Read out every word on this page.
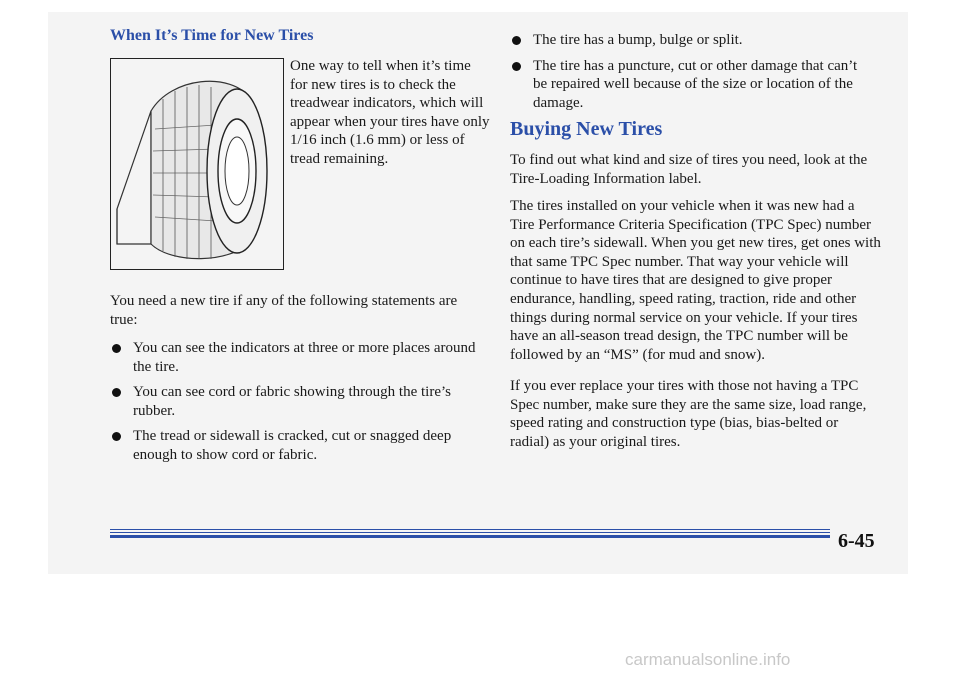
When It’s Time for New Tires

One way to tell when it’s time for new tires is to check the treadwear indicators, which will appear when your tires have only 1/16 inch (1.6 mm) or less of tread remaining.

You need a new tire if any of the following statements are true:

You can see the indicators at three or more places around the tire.
You can see cord or fabric showing through the tire’s rubber.
The tread or sidewall is cracked, cut or snagged deep enough to show cord or fabric.
The tire has a bump, bulge or split.
The tire has a puncture, cut or other damage that can’t be repaired well because of the size or location of the damage.
Buying New Tires

To find out what kind and size of tires you need, look at the Tire-Loading Information label.

The tires installed on your vehicle when it was new had a Tire Performance Criteria Specification (TPC Spec) number on each tire’s sidewall. When you get new tires, get ones with that same TPC Spec number. That way your vehicle will continue to have tires that are designed to give proper endurance, handling, speed rating, traction, ride and other things during normal service on your vehicle. If your tires have an all-season tread design, the TPC number will be followed by an “MS” (for mud and snow).

If you ever replace your tires with those not having a TPC Spec number, make sure they are the same size, load range, speed rating and construction type (bias, bias-belted or radial) as your original tires.

6-45
carmanualsonline.info
